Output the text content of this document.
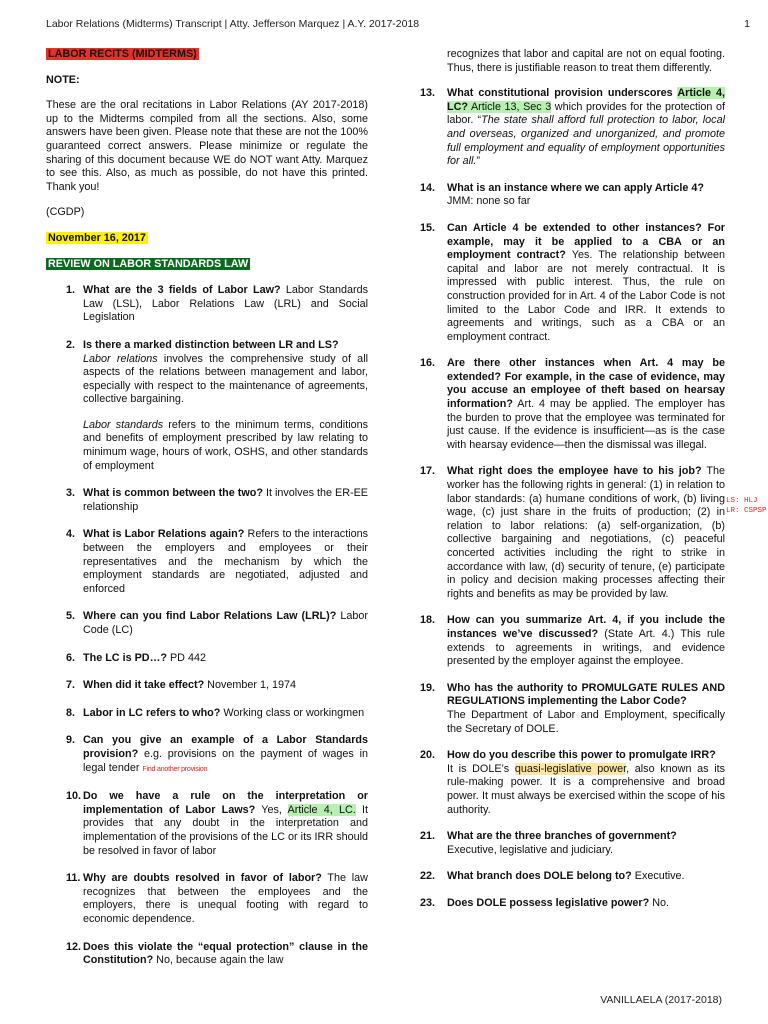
Labor Relations (Midterms) Transcript | Atty. Jefferson Marquez | A.Y. 2017-2018	1

LABOR RECITS (MIDTERMS)

NOTE:

These are the oral recitations in Labor Relations (AY 2017-2018) up to the Midterms compiled from all the sections. Also, some answers have been given. Please note that these are not the 100% guaranteed correct answers. Please minimize or regulate the sharing of this document because WE do NOT want Atty. Marquez to see this. Also, as much as possible, do not have this printed. Thank you!

(CGDP)

November 16, 2017

REVIEW ON LABOR STANDARDS LAW

1. What are the 3 fields of Labor Law? Labor Standards Law (LSL), Labor Relations Law (LRL) and Social Legislation
2. Is there a marked distinction between LR and LS?
Labor relations involves the comprehensive study of all aspects of the relations between management and labor, especially with respect to the maintenance of agreements, collective bargaining.
Labor standards refers to the minimum terms, conditions and benefits of employment prescribed by law relating to minimum wage, hours of work, OSHS, and other standards of employment
3. What is common between the two? It involves the ER-EE relationship
4. What is Labor Relations again? Refers to the interactions between the employers and employees or their representatives and the mechanism by which the employment standards are negotiated, adjusted and enforced
5. Where can you find Labor Relations Law (LRL)? Labor Code (LC)
6. The LC is PD…? PD 442
7. When did it take effect? November 1, 1974
8. Labor in LC refers to who? Working class or workingmen
9. Can you give an example of a Labor Standards provision? e.g. provisions on the payment of wages in legal tender Find another provision
10. Do we have a rule on the interpretation or implementation of Labor Laws? Yes, Article 4, LC. It provides that any doubt in the interpretation and implementation of the provisions of the LC or its IRR should be resolved in favor of labor
11. Why are doubts resolved in favor of labor? The law recognizes that between the employees and the employers, there is unequal footing with regard to economic dependence.
12. Does this violate the “equal protection” clause in the Constitution? No, because again the law

recognizes that labor and capital are not on equal footing. Thus, there is justifiable reason to treat them differently.

13. What constitutional provision underscores Article 4, LC? Article 13, Sec 3 which provides for the protection of labor. “The state shall afford full protection to labor, local and overseas, organized and unorganized, and promote full employment and equality of employment opportunities for all.”
14. What is an instance where we can apply Article 4?
JMM: none so far
15. Can Article 4 be extended to other instances? For example, may it be applied to a CBA or an employment contract? Yes. The relationship between capital and labor are not merely contractual. It is impressed with public interest. Thus, the rule on construction provided for in Art. 4 of the Labor Code is not limited to the Labor Code and IRR. It extends to agreements and writings, such as a CBA or an employment contract.
16. Are there other instances when Art. 4 may be extended? For example, in the case of evidence, may you accuse an employee of theft based on hearsay information? Art. 4 may be applied. The employer has the burden to prove that the employee was terminated for just cause. If the evidence is insufficient—as is the case with hearsay evidence—then the dismissal was illegal.
17. What right does the employee have to his job? The worker has the following rights in general: (1) in relation to labor standards: (a) humane conditions of work, (b) living wage, (c) just share in the fruits of production; (2) in relation to labor relations: (a) self-organization, (b) collective bargaining and negotiations, (c) peaceful concerted activities including the right to strike in accordance with law, (d) security of tenure, (e) participate in policy and decision making processes affecting their rights and benefits as may be provided by law.
18. How can you summarize Art. 4, if you include the instances we’ve discussed? (State Art. 4.) This rule extends to agreements in writings, and evidence presented by the employer against the employee.
19. Who has the authority to PROMULGATE RULES AND REGULATIONS implementing the Labor Code?
The Department of Labor and Employment, specifically the Secretary of DOLE.
20. How do you describe this power to promulgate IRR?
It is DOLE’s quasi-legislative power, also known as its rule-making power. It is a comprehensive and broad power. It must always be exercised within the scope of his authority.
21. What are the three branches of government?
Executive, legislative and judiciary.
22. What branch does DOLE belong to? Executive.
23. Does DOLE possess legislative power? No.
LS: HLJ
LR: CSPSP
VANILLAELA (2017-2018)
